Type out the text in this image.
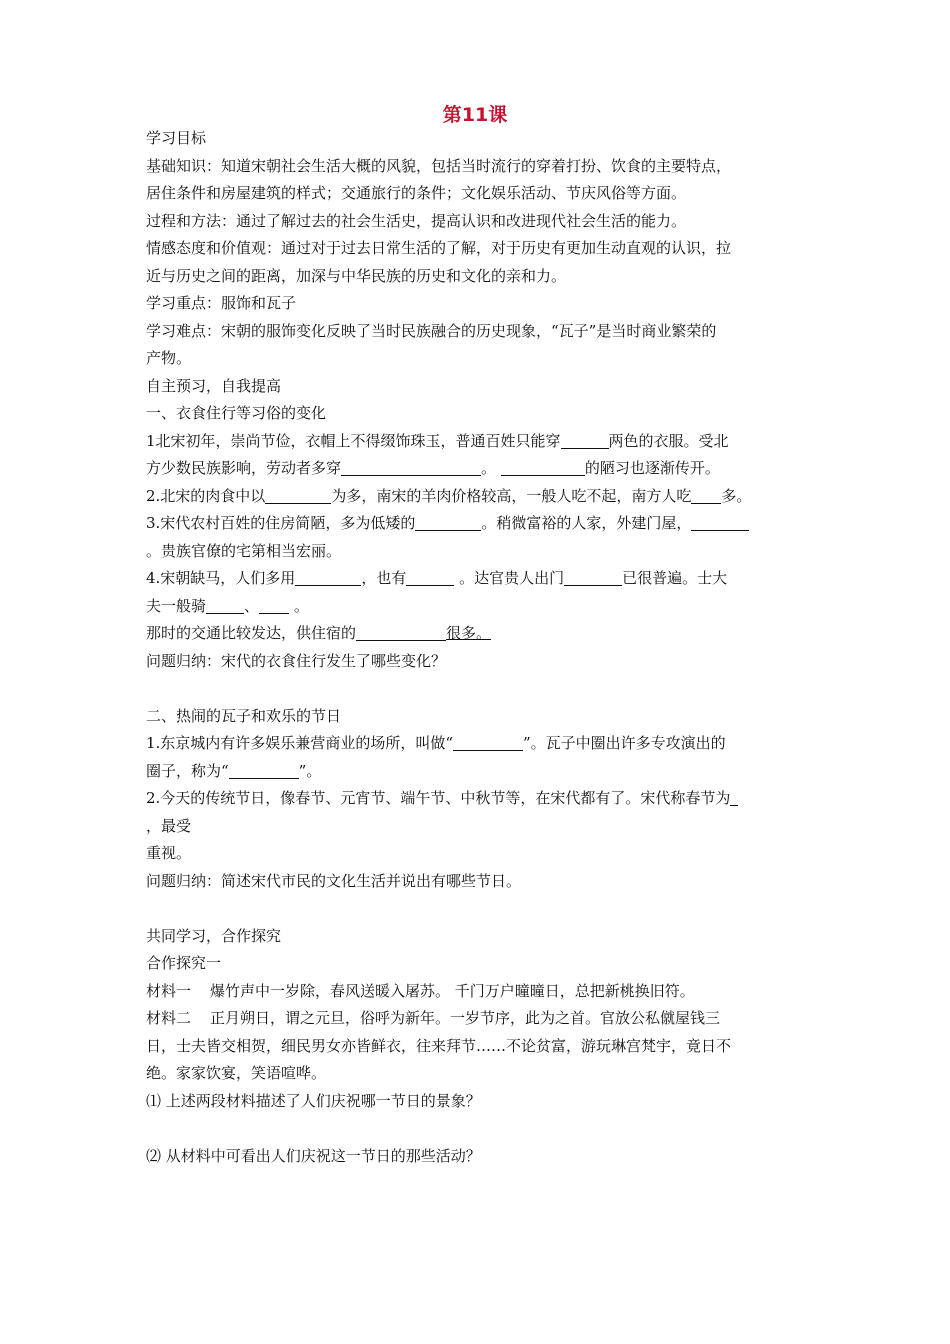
第11课

学习目标

基础知识：知道宋朝社会生活大概的风貌，包括当时流行的穿着打扮、饮食的主要特点，

居住条件和房屋建筑的样式；交通旅行的条件；文化娱乐活动、节庆风俗等方面。

过程和方法：通过了解过去的社会生活史，提高认识和改进现代社会生活的能力。

情感态度和价值观：通过对于过去日常生活的了解，对于历史有更加生动直观的认识，拉

近与历史之间的距离，加深与中华民族的历史和文化的亲和力。

学习重点：服饰和瓦子

学习难点：宋朝的服饰变化反映了当时民族融合的历史现象，“瓦子”是当时商业繁荣的

产物。

自主预习，自我提高

一、衣食住行等习俗的变化

1北宋初年，崇尚节俭，衣帽上不得缀饰珠玉，普通百姓只能穿	两色的衣服。受北

方少数民族影响，劳动者多穿	。	的陋习也逐渐传开。

2.北宋的肉食中以	为多，南宋的羊肉价格较高，一般人吃不起，南方人吃 多。

3.宋代农村百姓的住房简陋，多为低矮的	。稍微富裕的人家，外建门屋，

。贵族官僚的宅第相当宏丽。

4.宋朝缺马，人们多用	，也有	。达官贵人出门	已很普遍。士大

夫一般骑	、 。

那时的交通比较发达，供住宿的	很多。

问题归纳：宋代的衣食住行发生了哪些变化？

二、热闹的瓦子和欢乐的节日

1.东京城内有许多娱乐兼营商业的场所，叫做“	”。瓦子中圈出许多专攻演出的

圈子，称为“	”。

2.今天的传统节日，像春节、元宵节、端午节、中秋节等，在宋代都有了。宋代称春节为

，最受

重视。

问题归纳：简述宋代市民的文化生活并说出有哪些节日。

共同学习，合作探究

合作探究一

材料一 爆竹声中一岁除，春风送暖入屠苏。 千门万户曈曈日，总把新桃换旧符。

材料二 正月朔日，谓之元旦，俗呼为新年。一岁节序，此为之首。官放公私僦屋钱三

日，士夫皆交相贺，细民男女亦皆鲜衣，往来拜节……不论贫富，游玩琳宫梵宇，竟日不

绝。家家饮宴，笑语喧哗。

⑴ 上述两段材料描述了人们庆祝哪一节日的景象？

⑵ 从材料中可看出人们庆祝这一节日的那些活动？
